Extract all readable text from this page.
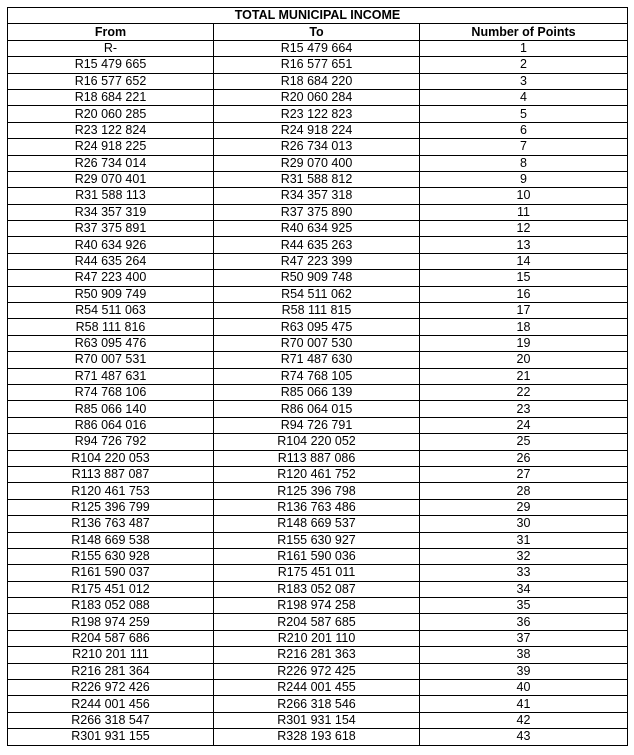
TOTAL MUNICIPAL INCOME		
From	To	Number of Points
R-	R15 479 664	1
R15 479 665	R16 577 651	2
R16 577 652	R18 684 220	3
R18 684 221	R20 060 284	4
R20 060 285	R23 122 823	5
R23 122 824	R24 918 224	6
R24 918 225	R26 734 013	7
R26 734 014	R29 070 400	8
R29 070 401	R31 588 812	9
R31 588 113	R34 357 318	10
R34 357 319	R37 375 890	11
R37 375 891	R40 634 925	12
R40 634 926	R44 635 263	13
R44 635 264	R47 223 399	14
R47 223 400	R50 909 748	15
R50 909 749	R54 511 062	16
R54 511 063	R58 111 815	17
R58 111 816	R63 095 475	18
R63 095 476	R70 007 530	19
R70 007 531	R71 487 630	20
R71 487 631	R74 768 105	21
R74 768 106	R85 066 139	22
R85 066 140	R86 064 015	23
R86 064 016	R94 726 791	24
R94 726 792	R104 220 052	25
R104 220 053	R113 887 086	26
R113 887 087	R120 461 752	27
R120 461 753	R125 396 798	28
R125 396 799	R136 763 486	29
R136 763 487	R148 669 537	30
R148 669 538	R155 630 927	31
R155 630 928	R161 590 036	32
R161 590 037	R175 451 011	33
R175 451 012	R183 052 087	34
R183 052 088	R198 974 258	35
R198 974 259	R204 587 685	36
R204 587 686	R210 201 110	37
R210 201 111	R216 281 363	38
R216 281 364	R226 972 425	39
R226 972 426	R244 001 455	40
R244 001 456	R266 318 546	41
R266 318 547	R301 931 154	42
R301 931 155	R328 193 618	43
